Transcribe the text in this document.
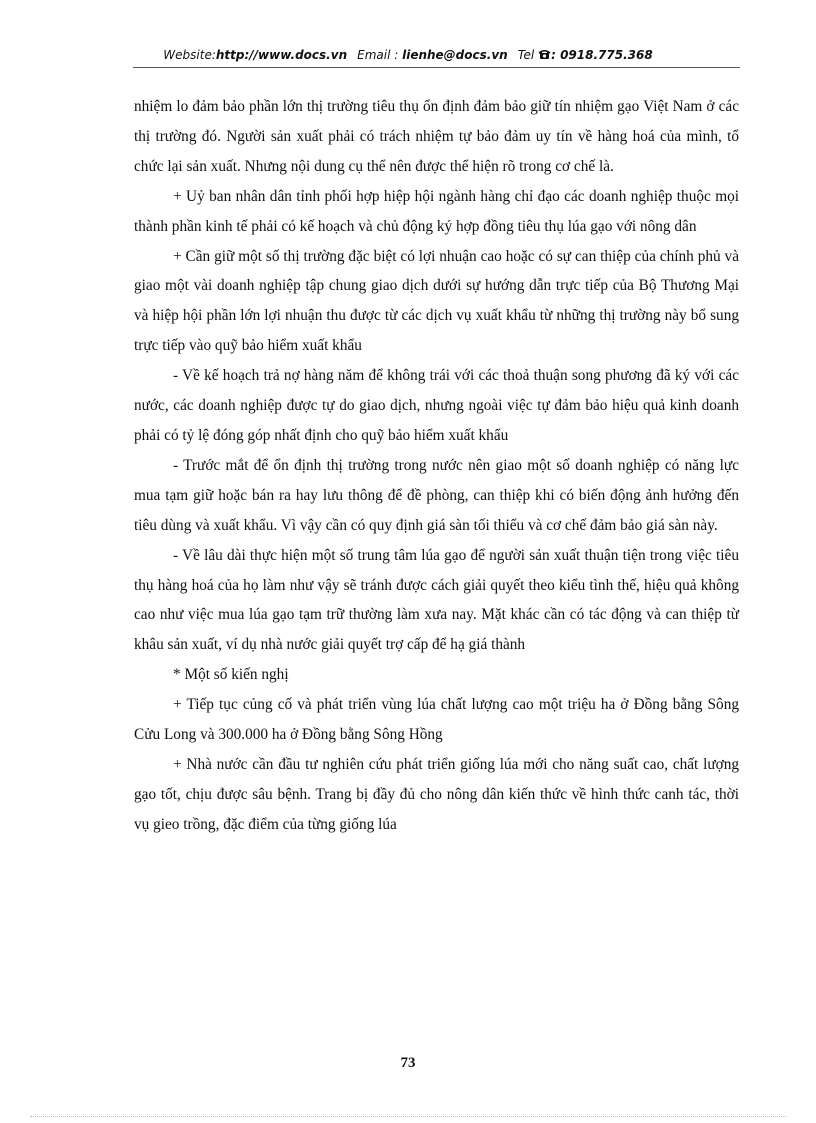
Website:http://www.docs.vn Email : lienhe@docs.vn Tel : 0918.775.368

nhiệm lo đảm bảo phần lớn thị trường tiêu thụ ổn định đảm bảo giữ tín nhiệm gạo Việt Nam ở các thị trường đó. Người sản xuất phải có trách nhiệm tự bảo đảm uy tín về hàng hoá của mình, tổ chức lại sản xuất. Nhưng nội dung cụ thể nên được thể hiện rõ trong cơ chế là.

+ Uỷ ban nhân dân tỉnh phối hợp hiệp hội ngành hàng chỉ đạo các doanh nghiệp thuộc mọi thành phần kinh tế phải có kế hoạch và chủ động ký hợp đồng tiêu thụ lúa gạo với nông dân

+ Cần giữ một số thị trường đặc biệt có lợi nhuận cao hoặc có sự can thiệp của chính phủ và giao một vài doanh nghiệp tập chung giao dịch dưới sự hướng dẫn trực tiếp của Bộ Thương Mại và hiệp hội phần lớn lợi nhuận thu được từ các dịch vụ xuất khẩu từ những thị trường này bổ sung trực tiếp vào quỹ bảo hiểm xuất khẩu

- Về kế hoạch trả nợ hàng năm để không trái với các thoả thuận song phương đã ký với các nước, các doanh nghiệp được tự do giao dịch, nhưng ngoài việc tự đảm bảo hiệu quả kinh doanh phải có tỷ lệ đóng góp nhất định cho quỹ bảo hiểm xuất khẩu

- Trước mắt để ổn định thị trường trong nước nên giao một số doanh nghiệp có năng lực mua tạm giữ hoặc bán ra hay lưu thông để đề phòng, can thiệp khi có biến động ảnh hưởng đến tiêu dùng và xuất khẩu. Vì vậy cần có quy định giá sàn tối thiểu và cơ chế đảm bảo giá sàn này.

- Về lâu dài thực hiện một số trung tâm lúa gạo để người sản xuất thuận tiện trong việc tiêu thụ hàng hoá của họ làm như vậy sẽ tránh được cách giải quyết theo kiểu tình thế, hiệu quả không cao như việc mua lúa gạo tạm trữ thường làm xưa nay. Mặt khác cần có tác động và can thiệp từ khâu sản xuất, ví dụ nhà nước giải quyết trợ cấp để hạ giá thành

* Một số kiến nghị

+ Tiếp tục củng cố và phát triển vùng lúa chất lượng cao một triệu ha ở Đồng bằng Sông Cửu Long và 300.000 ha ở Đồng bằng Sông Hồng

+ Nhà nước cần đầu tư nghiên cứu phát triển giống lúa mới cho năng suất cao, chất lượng gạo tốt, chịu được sâu bệnh. Trang bị đầy đủ cho nông dân kiến thức về hình thức canh tác, thời vụ gieo trồng, đặc điểm của từng giống lúa

73
